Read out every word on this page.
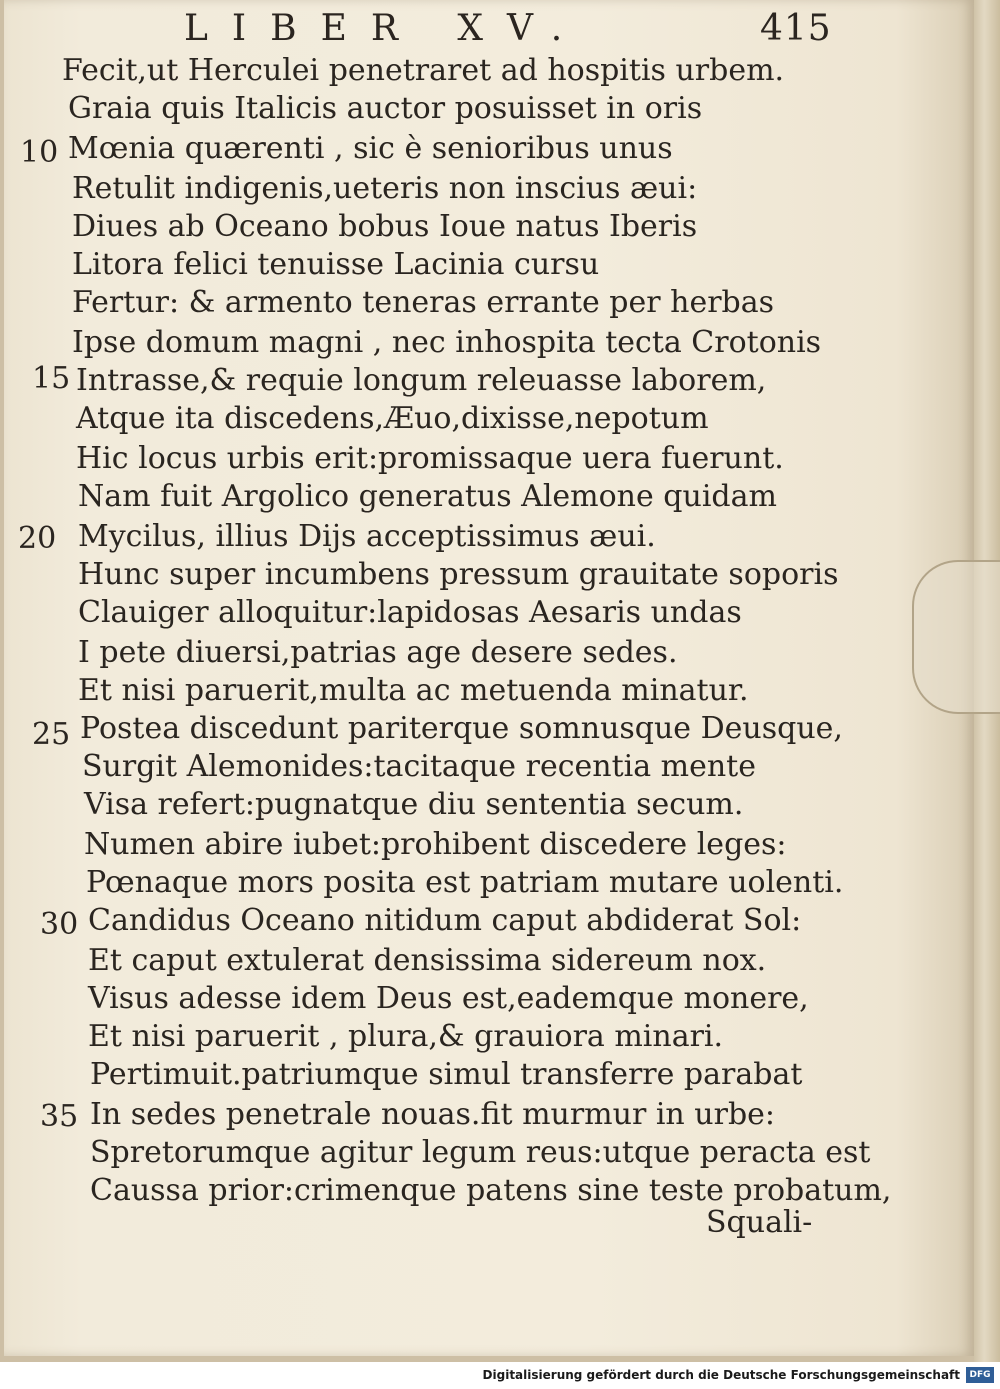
LIBER XV.	415
Fecit,ut Herculei penetraret ad hospitis urbem.
Graia quis Italicis auctor posuisset in oris
Mœnia quærenti , sic è senioribus unus
Retulit indigenis,ueteris non inscius æui:
Diues ab Oceano bobus Ioue natus Iberis
Litora felici tenuisse Lacinia cursu
Fertur: & armento teneras errante per herbas
Ipse domum magni , nec inhospita tecta Crotonis
Intrasse,& requie longum releuasse laborem,
Atque ita discedens,Æuo,dixisse,nepotum
Hic locus urbis erit:promissaque uera fuerunt.
Nam fuit Argolico generatus Alemone quidam
Mycilus, illius Dijs acceptissimus æui.
Hunc super incumbens pressum grauitate soporis
Clauiger alloquitur:lapidosas Aesaris undas
I pete diuersi,patrias age desere sedes.
Et nisi paruerit,multa ac metuenda minatur.
Postea discedunt pariterque somnusque Deusque,
Surgit Alemonides:tacitaque recentia mente
Visa refert:pugnatque diu sententia secum.
Numen abire iubet:prohibent discedere leges:
Pœnaque mors posita est patriam mutare uolenti.
Candidus Oceano nitidum caput abdiderat Sol:
Et caput extulerat densissima sidereum nox.
Visus adesse idem Deus est,eademque monere,
Et nisi paruerit , plura,& grauiora minari.
Pertimuit.patriumque simul transferre parabat
In sedes penetrale nouas.fit murmur in urbe:
Spretorumque agitur legum reus:utque peracta est
Caussa prior:crimenque patens sine teste probatum,
10
15
20
25
30
35
Squali-
Digitalisierung gefördert durch die Deutsche Forschungsgemeinschaft	DFG
